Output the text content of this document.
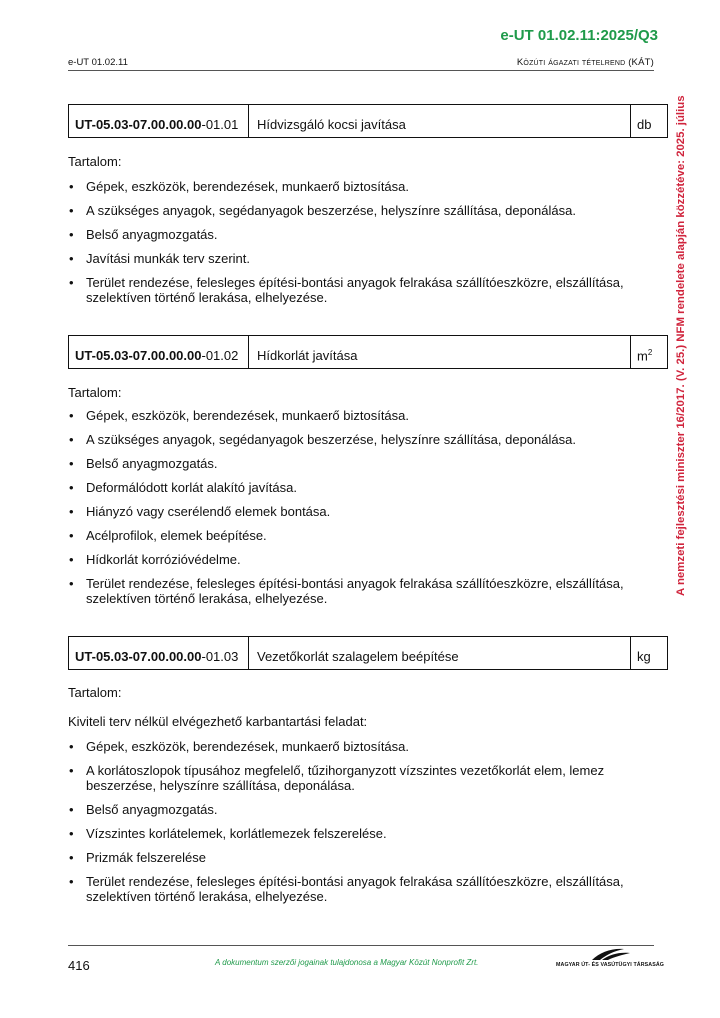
e-UT 01.02.11:2025/Q3
e-UT 01.02.11	Közúti ágazati tételrend (KÁT)
A nemzeti fejlesztési miniszter 16/2017. (V. 25.) NFM rendelete alapján közzétéve: 2025. július
UT-05.03-07.00.00.00-01.01	Hídvizsgáló kocsi javítása	db
Tartalom:
• Gépek, eszközök, berendezések, munkaerő biztosítása.
• A szükséges anyagok, segédanyagok beszerzése, helyszínre szállítása, deponálása.
• Belső anyagmozgatás.
• Javítási munkák terv szerint.
• Terület rendezése, felesleges építési-bontási anyagok felrakása szállítóeszközre, elszállítása, szelektíven történő lerakása, elhelyezése.
UT-05.03-07.00.00.00-01.02	Hídkorlát javítása	$m^2$
Tartalom:
• Gépek, eszközök, berendezések, munkaerő biztosítása.
• A szükséges anyagok, segédanyagok beszerzése, helyszínre szállítása, deponálása.
• Belső anyagmozgatás.
• Deformálódott korlát alakító javítása.
• Hiányzó vagy cserélendő elemek bontása.
• Acélprofilok, elemek beépítése.
• Hídkorlát korrózióvédelme.
• Terület rendezése, felesleges építési-bontási anyagok felrakása szállítóeszközre, elszállítása, szelektíven történő lerakása, elhelyezése.
UT-05.03-07.00.00.00-01.03	Vezetőkorlát szalagelem beépítése	kg
Tartalom:
Kiviteli terv nélkül elvégezhető karbantartási feladat:
• Gépek, eszközök, berendezések, munkaerő biztosítása.
• A korlátoszlopok típusához megfelelő, tűzihorganyzott vízszintes vezetőkorlát elem, lemez beszerzése, helyszínre szállítása, deponálása.
• Belső anyagmozgatás.
• Vízszintes korlátelemek, korlátlemezek felszerelése.
• Prizmák felszerelése
• Terület rendezése, felesleges építési-bontási anyagok felrakása szállítóeszközre, elszállítása, szelektíven történő lerakása, elhelyezése.
416	A dokumentum szerzői jogainak tulajdonosa a Magyar Közút Nonprofit Zrt.	MAGYAR ÚT- ÉS VASÚTÜGYI TÁRSASÁG
